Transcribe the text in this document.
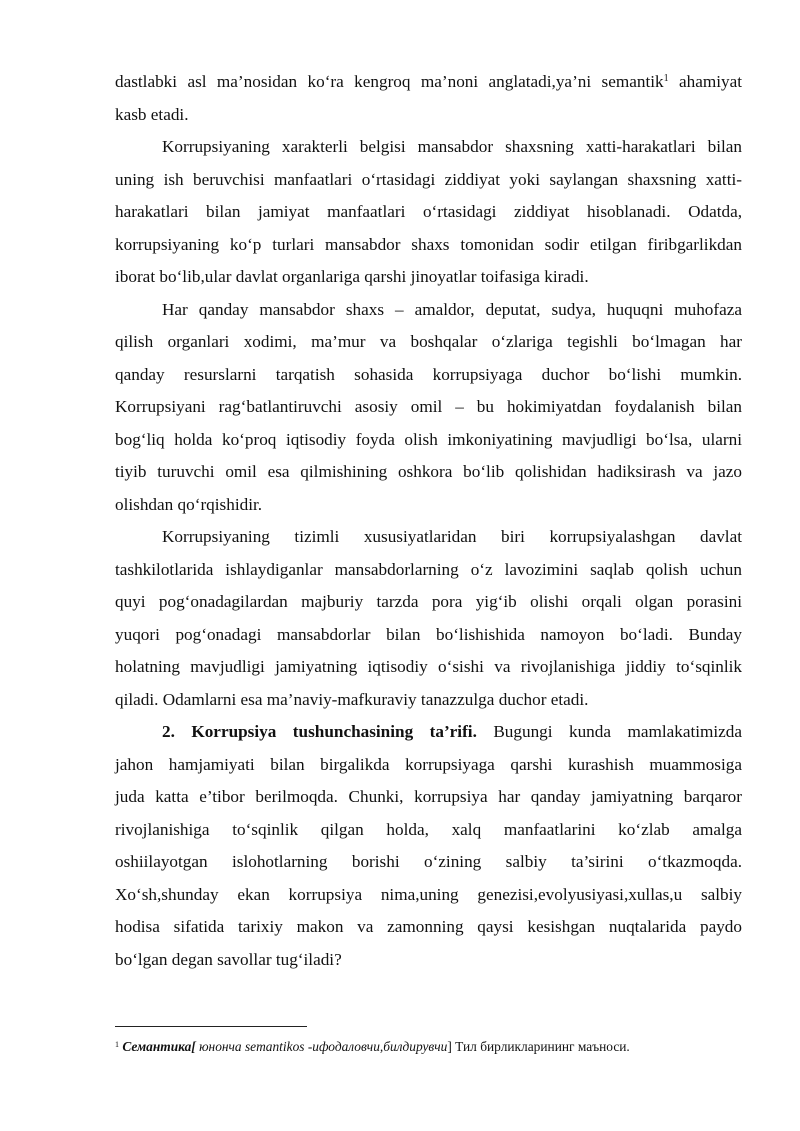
dastlabki asl ma’nosidan ko‘ra kengroq ma’noni anglatadi,ya’ni semantik$^1$ ahamiyat
kasb etadi.
Korrupsiyaning xarakterli belgisi mansabdor shaxsning xatti-harakatlari bilan
uning ish beruvchisi manfaatlari o‘rtasidagi ziddiyat yoki saylangan shaxsning xatti-
harakatlari bilan jamiyat manfaatlari o‘rtasidagi ziddiyat hisoblanadi. Odatda,
korrupsiyaning ko‘p turlari mansabdor shaxs tomonidan sodir etilgan firibgarlikdan
iborat bo‘lib,ular davlat organlariga qarshi jinoyatlar toifasiga kiradi.
Har qanday mansabdor shaxs – amaldor, deputat, sudya, huquqni muhofaza
qilish organlari xodimi, ma’mur va boshqalar o‘zlariga tegishli bo‘lmagan har
qanday resurslarni tarqatish sohasida korrupsiyaga duchor bo‘lishi mumkin.
Korrupsiyani rag‘batlantiruvchi asosiy omil – bu hokimiyatdan foydalanish bilan
bog‘liq holda ko‘proq iqtisodiy foyda olish imkoniyatining mavjudligi bo‘lsa, ularni
tiyib turuvchi omil esa qilmishining oshkora bo‘lib qolishidan hadiksirash va jazo
olishdan qo‘rqishidir.
Korrupsiyaning tizimli xususiyatlaridan biri korrupsiyalashgan davlat
tashkilotlarida ishlaydiganlar mansabdorlarning o‘z lavozimini saqlab qolish uchun
quyi pog‘onadagilardan majburiy tarzda pora yig‘ib olishi orqali olgan porasini
yuqori pog‘onadagi mansabdorlar bilan bo‘lishishida namoyon bo‘ladi. Bunday
holatning mavjudligi jamiyatning iqtisodiy o‘sishi va rivojlanishiga jiddiy to‘sqinlik
qiladi. Odamlarni esa ma’naviy-mafkuraviy tanazzulga duchor etadi.
2. Korrupsiya tushunchasining ta’rifi. Bugungi kunda mamlakatimizda
jahon hamjamiyati bilan birgalikda korrupsiyaga qarshi kurashish muammosiga
juda katta e’tibor berilmoqda. Chunki, korrupsiya har qanday jamiyatning barqaror
rivojlanishiga to‘sqinlik qilgan holda, xalq manfaatlarini ko‘zlab amalga
oshiilayotgan islohotlarning borishi o‘zining salbiy ta’sirini o‘tkazmoqda.
Xo‘sh,shunday ekan korrupsiya nima,uning genezisi,evolyusiyasi,xullas,u salbiy
hodisa sifatida tarixiy makon va zamonning qaysi kesishgan nuqtalarida paydo
bo‘lgan degan savollar tug‘iladi?
$^1$ Семантика[ юнонча semantikos -ифодаловчи,билдирувчи] Тил бирликларининг маъноси.
